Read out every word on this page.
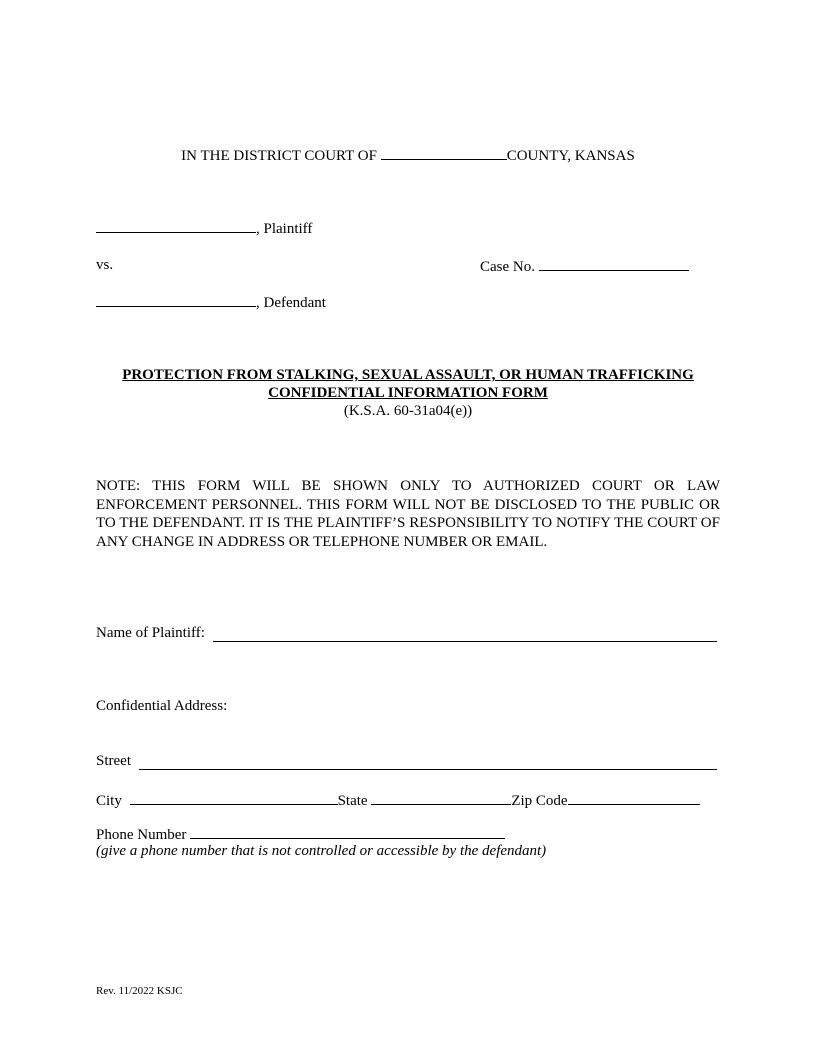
IN THE DISTRICT COURT OF	COUNTY, KANSAS
, Plaintiff
vs.	Case No.
, Defendant
PROTECTION FROM STALKING, SEXUAL ASSAULT, OR HUMAN TRAFFICKING
CONFIDENTIAL INFORMATION FORM
(K.S.A. 60-31a04(e))
NOTE: THIS FORM WILL BE SHOWN ONLY TO AUTHORIZED COURT OR LAW ENFORCEMENT PERSONNEL. THIS FORM WILL NOT BE DISCLOSED TO THE PUBLIC OR TO THE DEFENDANT. IT IS THE PLAINTIFF’S RESPONSIBILITY TO NOTIFY THE COURT OF ANY CHANGE IN ADDRESS OR TELEPHONE NUMBER OR EMAIL.
Name of Plaintiff:
Confidential Address:
Street
City	State	Zip Code
Phone Number
(give a phone number that is not controlled or accessible by the defendant)
Rev. 11/2022 KSJC
